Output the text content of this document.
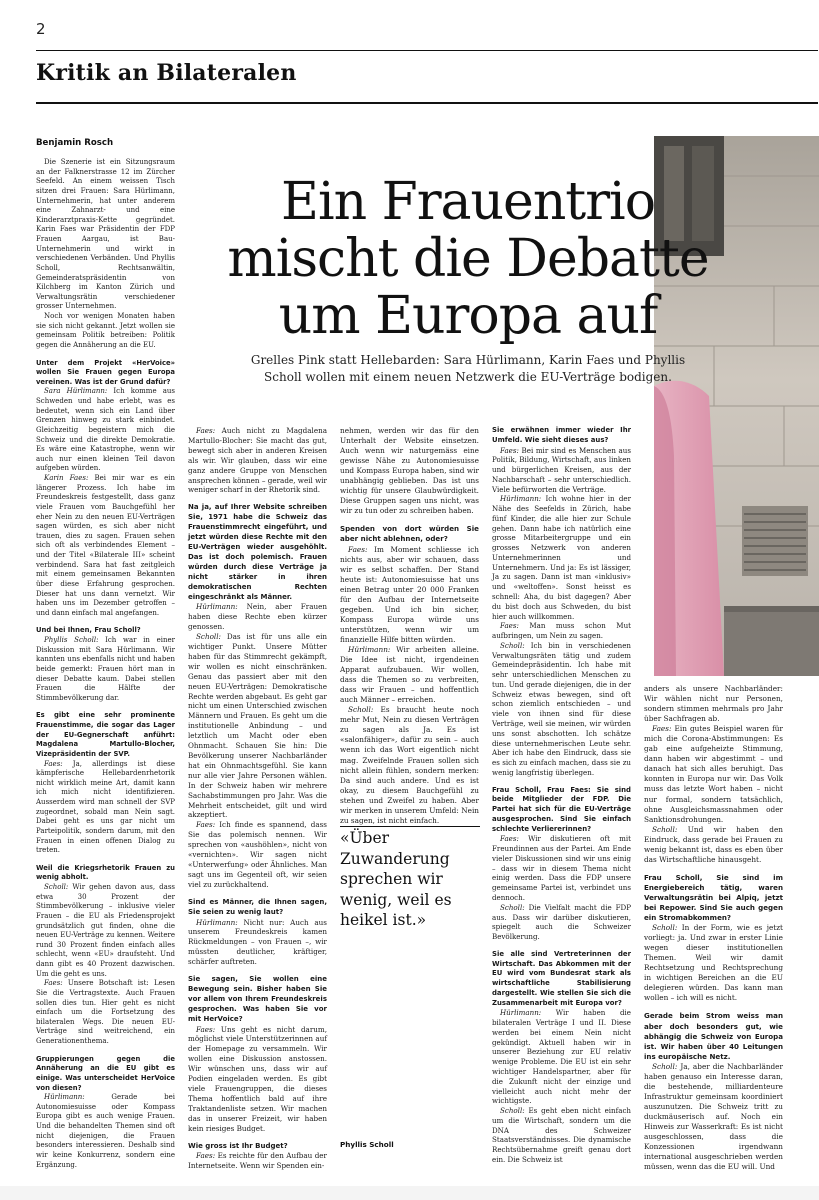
2
Kritik an Bilateralen
Benjamin Rosch
Ein Frauentrio
mischt die Debatte
um Europa auf
Grelles Pink statt Hellebarden: Sara Hürlimann, Karin Faes und Phyllis Scholl wollen mit einem neuen Netzwerk die EU-Verträge bodigen.

Die Szenerie ist ein Sitzungsraum an der Falknerstrasse 12 im Zürcher Seefeld. An einem weissen Tisch sitzen drei Frauen: Sara Hürlimann, Unternehmerin, hat unter anderem eine Zahnarzt- und eine Kinderarztpraxis-Kette gegründet. Karin Faes war Präsidentin der FDP Frauen Aargau, ist Bau-Unternehmerin und wirkt in verschiedenen Verbänden. Und Phyllis Scholl, Rechtsanwältin, Gemeinderatspräsidentin von Kilchberg im Kanton Zürich und Verwaltungsrätin verschiedener grosser Unternehmen.

Noch vor wenigen Monaten haben sie sich nicht gekannt. Jetzt wollen sie gemeinsam Politik betreiben: Politik gegen die Annäherung an die EU.

Unter dem Projekt «HerVoice» wollen Sie Frauen gegen Europa vereinen. Was ist der Grund dafür?

Sara Hürlimann: Ich komme aus Schweden und habe erlebt, was es bedeutet, wenn sich ein Land über Grenzen hinweg zu stark einbindet. Gleichzeitig begeistern mich die Schweiz und die direkte Demokratie. Es wäre eine Katastrophe, wenn wir auch nur einen kleinen Teil davon aufgeben würden.

Karin Faes: Bei mir war es ein längerer Prozess. Ich habe im Freundeskreis festgestellt, dass ganz viele Frauen vom Bauchgefühl her eher Nein zu den neuen EU-Verträgen sagen würden, es sich aber nicht trauen, dies zu sagen. Frauen sehen sich oft als verbindendes Element – und der Titel «Bilaterale III» scheint verbindend. Sara hat fast zeitgleich mit einem gemeinsamen Bekannten über diese Erfahrung gesprochen. Dieser hat uns dann vernetzt. Wir haben uns im Dezember getroffen – und dann einfach mal angefangen.

Und bei Ihnen, Frau Scholl?

Phyllis Scholl: Ich war in einer Diskussion mit Sara Hürlimann. Wir kannten uns ebenfalls nicht und haben beide gemerkt: Frauen hört man in dieser Debatte kaum. Dabei stellen Frauen die Hälfte der Stimmbevölkerung dar.

Es gibt eine sehr prominente Frauenstimme, die sogar das Lager der EU-Gegnerschaft anführt: Magdalena Martullo-Blocher, Vizepräsidentin der SVP.

Faes: Ja, allerdings ist diese kämpferische Hellebardenrhetorik nicht wirklich meine Art, damit kann ich mich nicht identifizieren. Ausserdem wird man schnell der SVP zugeordnet, sobald man Nein sagt. Dabei geht es uns gar nicht um Parteipolitik, sondern darum, mit den Frauen in einen offenen Dialog zu treten.

Weil die Kriegsrhetorik Frauen zu wenig abholt.

Scholl: Wir gehen davon aus, dass etwa 30 Prozent der Stimmbevölkerung – inklusive vieler Frauen – die EU als Friedensprojekt grundsätzlich gut finden, ohne die neuen EU-Verträge zu kennen. Weitere rund 30 Prozent finden einfach alles schlecht, wenn «EU» draufsteht. Und dann gibt es 40 Prozent dazwischen. Um die geht es uns.

Faes: Unsere Botschaft ist: Lesen Sie die Vertragstexte. Auch Frauen sollen dies tun. Hier geht es nicht einfach um die Fortsetzung des bilateralen Wegs. Die neuen EU-Verträge sind weitreichend, ein Generationenthema.

Gruppierungen gegen die Annäherung an die EU gibt es einige. Was unterscheidet HerVoice von diesen?

Hürlimann: Gerade bei Autonomiesuisse oder Kompass Europa gibt es auch wenige Frauen. Und die behandelten Themen sind oft nicht diejenigen, die Frauen besonders interessieren. Deshalb sind wir keine Konkurrenz, sondern eine Ergänzung.

Faes: Auch nicht zu Magdalena Martullo-Blocher: Sie macht das gut, bewegt sich aber in anderen Kreisen als wir. Wir glauben, dass wir eine ganz andere Gruppe von Menschen ansprechen können – gerade, weil wir weniger scharf in der Rhetorik sind.

Na ja, auf Ihrer Website schreiben Sie, 1971 habe die Schweiz das Frauenstimmrecht eingeführt, und jetzt würden diese Rechte mit den EU-Verträgen wieder ausgehöhlt. Das ist doch polemisch. Frauen würden durch diese Verträge ja nicht stärker in ihren demokratischen Rechten eingeschränkt als Männer.

Hürlimann: Nein, aber Frauen haben diese Rechte eben kürzer genossen.

Scholl: Das ist für uns alle ein wichtiger Punkt. Unsere Mütter haben für das Stimmrecht gekämpft, wir wollen es nicht einschränken. Genau das passiert aber mit den neuen EU-Verträgen: Demokratische Rechte werden abgebaut. Es geht gar nicht um einen Unterschied zwischen Männern und Frauen. Es geht um die institutionelle Anbindung – und letztlich um Macht oder eben Ohnmacht. Schauen Sie hin: Die Bevölkerung unserer Nachbarländer hat ein Ohnmachtsgefühl. Sie kann nur alle vier Jahre Personen wählen. In der Schweiz haben wir mehrere Sachabstimmungen pro Jahr. Was die Mehrheit entscheidet, gilt und wird akzeptiert.

Faes: Ich finde es spannend, dass Sie das polemisch nennen. Wir sprechen von «aushöhlen», nicht von «vernichten». Wir sagen nicht «Unterwerfung» oder Ähnliches. Man sagt uns im Gegenteil oft, wir seien viel zu zurückhaltend.

Sind es Männer, die Ihnen sagen, Sie seien zu wenig laut?

Hürlimann: Nicht nur: Auch aus unserem Freundeskreis kamen Rückmeldungen – von Frauen –, wir müssten deutlicher, kräftiger, schärfer auftreten.

Sie sagen, Sie wollen eine Bewegung sein. Bisher haben Sie vor allem von Ihrem Freundeskreis gesprochen. Was haben Sie vor mit HerVoice?

Faes: Uns geht es nicht darum, möglichst viele Unterstützerinnen auf der Homepage zu versammeln. Wir wollen eine Diskussion anstossen. Wir wünschen uns, dass wir auf Podien eingeladen werden. Es gibt viele Frauengruppen, die dieses Thema hoffentlich bald auf ihre Traktandenliste setzen. Wir machen das in unserer Freizeit, wir haben kein riesiges Budget.

Wie gross ist Ihr Budget?

Faes: Es reichte für den Aufbau der Internetseite. Wenn wir Spenden ein-

nehmen, werden wir das für den Unterhalt der Website einsetzen. Auch wenn wir naturgemäss eine gewisse Nähe zu Autonomiesuisse und Kompass Europa haben, sind wir unabhängig geblieben. Das ist uns wichtig für unsere Glaubwürdigkeit. Diese Gruppen sagen uns nicht, was wir zu tun oder zu schreiben haben.

Spenden von dort würden Sie aber nicht ablehnen, oder?

Faes: Im Moment schliesse ich nichts aus, aber wir schauen, dass wir es selbst schaffen. Der Stand heute ist: Autonomiesuisse hat uns einen Betrag unter 20 000 Franken für den Aufbau der Internetseite gegeben. Und ich bin sicher, Kompass Europa würde uns unterstützen, wenn wir um finanzielle Hilfe bitten würden.

Hürlimann: Wir arbeiten alleine. Die Idee ist nicht, irgendeinen Apparat aufzubauen. Wir wollen, dass die Themen so zu verbreiten, dass wir Frauen – und hoffentlich auch Männer – erreichen.

Scholl: Es braucht heute noch mehr Mut, Nein zu diesen Verträgen zu sagen als Ja. Es ist «salonfähiger», dafür zu sein – auch wenn ich das Wort eigentlich nicht mag. Zweifelnde Frauen sollen sich nicht allein fühlen, sondern merken: Da sind auch andere. Und es ist okay, zu diesem Bauchgefühl zu stehen und Zweifel zu haben. Aber wir merken in unserem Umfeld: Nein zu sagen, ist nicht einfach.

Sie erwähnen immer wieder Ihr Umfeld. Wie sieht dieses aus?

Faes: Bei mir sind es Menschen aus Politik, Bildung, Wirtschaft, aus linken und bürgerlichen Kreisen, aus der Nachbarschaft – sehr unterschiedlich. Viele befürworten die Verträge.

Hürlimann: Ich wohne hier in der Nähe des Seefelds in Zürich, habe fünf Kinder, die alle hier zur Schule gehen. Dann habe ich natürlich eine grosse Mitarbeitergruppe und ein grosses Netzwerk von anderen Unternehmerinnen und Unternehmern. Und ja: Es ist lässiger, Ja zu sagen. Dann ist man «inklusiv» und «weltoffen». Sonst heisst es schnell: Aha, du bist dagegen? Aber du bist doch aus Schweden, du bist hier auch willkommen.

Faes: Man muss schon Mut aufbringen, um Nein zu sagen.

Scholl: Ich bin in verschiedenen Verwaltungsräten tätig und zudem Gemeindepräsidentin. Ich habe mit sehr unterschiedlichen Menschen zu tun. Und gerade diejenigen, die in der Schweiz etwas bewegen, sind oft schon ziemlich entschieden – und viele von ihnen sind für diese Verträge, weil sie meinen, wir würden uns sonst abschotten. Ich schätze diese unternehmerischen Leute sehr. Aber ich habe den Eindruck, dass sie es sich zu einfach machen, dass sie zu wenig langfristig überlegen.

Frau Scholl, Frau Faes: Sie sind beide Mitglieder der FDP. Die Partei hat sich für die EU-Verträge ausgesprochen. Sind Sie einfach schlechte Verliererinnen?

Faes: Wir diskutieren oft mit Freundinnen aus der Partei. Am Ende vieler Diskussionen sind wir uns einig – dass wir in diesem Thema nicht einig werden. Dass die FDP unsere gemeinsame Partei ist, verbindet uns dennoch.

Scholl: Die Vielfalt macht die FDP aus. Dass wir darüber diskutieren, spiegelt auch die Schweizer Bevölkerung.

Sie alle sind Vertreterinnen der Wirtschaft. Das Abkommen mit der EU wird vom Bundesrat stark als wirtschaftliche Stabilisierung dargestellt. Wie stellen Sie sich die Zusammenarbeit mit Europa vor?

Hürlimann: Wir haben die bilateralen Verträge I und II. Diese werden bei einem Nein nicht gekündigt. Aktuell haben wir in unserer Beziehung zur EU relativ wenige Probleme. Die EU ist ein sehr wichtiger Handelspartner, aber für die Zukunft nicht der einzige und vielleicht auch nicht mehr der wichtigste.

Scholl: Es geht eben nicht einfach um die Wirtschaft, sondern um die DNA des Schweizer Staatsverständnisses. Die dynamische Rechtsübernahme greift genau dort ein. Die Schweiz ist

anders als unsere Nachbarländer: Wir wählen nicht nur Personen, sondern stimmen mehrmals pro Jahr über Sachfragen ab.

Faes: Ein gutes Beispiel waren für mich die Corona-Abstimmungen: Es gab eine aufgeheizte Stimmung, dann haben wir abgestimmt – und danach hat sich alles beruhigt. Das konnten in Europa nur wir. Das Volk muss das letzte Wort haben – nicht nur formal, sondern tatsächlich, ohne Ausgleichsmassnahmen oder Sanktionsdrohungen.

Scholl: Und wir haben den Eindruck, dass gerade bei Frauen zu wenig bekannt ist, dass es eben über das Wirtschaftliche hinausgeht.

Frau Scholl, Sie sind im Energiebereich tätig, waren Verwaltungsrätin bei Alpiq, jetzt bei Repower. Sind Sie auch gegen ein Stromabkommen?

Scholl: In der Form, wie es jetzt vorliegt: ja. Und zwar in erster Linie wegen dieser institutionellen Themen. Weil wir damit Rechtsetzung und Rechtsprechung in wichtigen Bereichen an die EU delegieren würden. Das kann man wollen – ich will es nicht.

Gerade beim Strom weiss man aber doch besonders gut, wie abhängig die Schweiz von Europa ist. Wir haben über 40 Leitungen ins europäische Netz.

Scholl: Ja, aber die Nachbarländer haben genauso ein Interesse daran, die bestehende, milliardenteure Infrastruktur gemeinsam koordiniert auszunutzen. Die Schweiz tritt zu duckmäuserisch auf. Noch ein Hinweis zur Wasserkraft: Es ist nicht ausgeschlossen, dass die Konzessionen irgendwann international ausgeschrieben werden müssen, wenn das die EU will. Und

«Über Zuwanderung sprechen wir wenig, weil es heikel ist.»
Phyllis Scholl
